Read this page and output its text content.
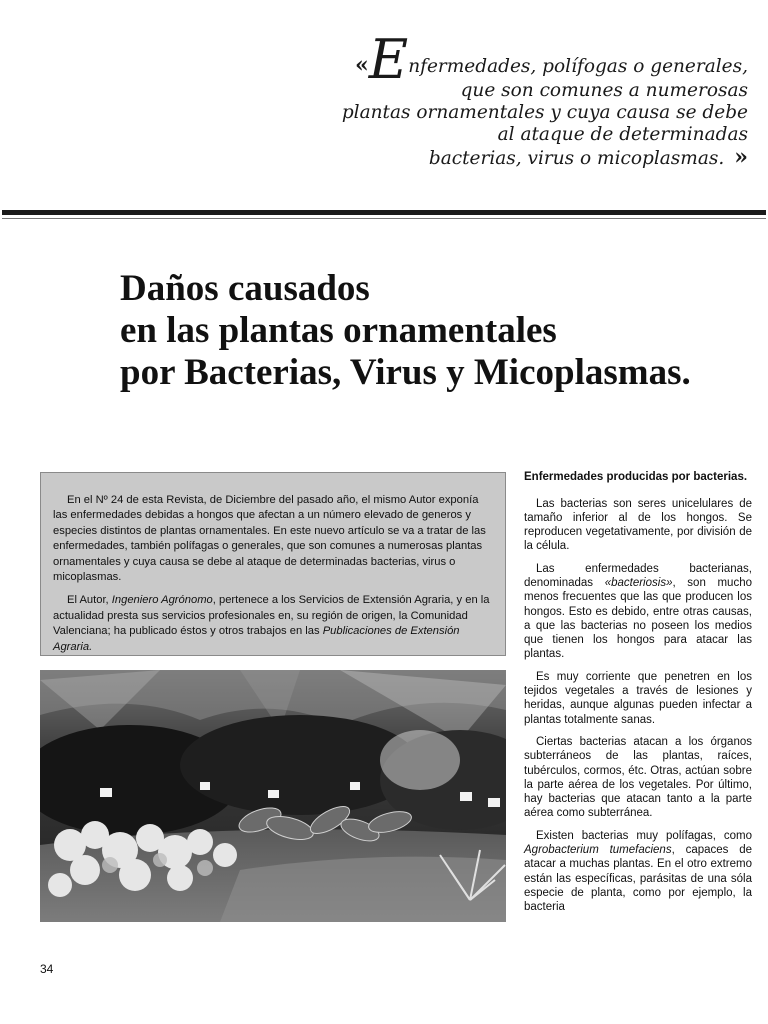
«Enfermedades, polífogas o generales,
que son comunes a numerosas
plantas ornamentales y cuya causa se debe
al ataque de determinadas
bacterias, virus o micoplasmas. »
Daños causados
en las plantas ornamentales
por Bacterias, Virus y Micoplasmas.

En el Nº 24 de esta Revista, de Diciembre del pasado año, el mismo Autor exponía las enfermedades debidas a hongos que afectan a un número elevado de generos y especies distintos de plantas ornamentales. En este nuevo artículo se va a tratar de las enfermedades, también polífagas o generales, que son comunes a numerosas plantas ornamentales y cuya causa se debe al ataque de determinadas bacterias, virus o micoplasmas.

El Autor, Ingeniero Agrónomo, pertenece a los Servicios de Extensión Agraria, y en la actualidad presta sus servicios profesionales en, su región de origen, la Comunidad Valenciana; ha publicado éstos y otros trabajos en las Publicaciones de Extensión Agraria.

Enfermedades producidas por bacterias.

Las bacterias son seres unicelulares de tamaño inferior al de los hongos. Se reproducen vegetativamente, por división de la célula.

Las enfermedades bacterianas, denominadas «bacteriosis», son mucho menos frecuentes que las que producen los hongos. Esto es debido, entre otras causas, a que las bacterias no poseen los medios que tienen los hongos para atacar las plantas.

Es muy corriente que penetren en los tejidos vegetales a través de lesiones y heridas, aunque algunas pueden infectar a plantas totalmente sanas.

Ciertas bacterias atacan a los órganos subterráneos de las plantas, raíces, tubérculos, cormos, étc. Otras, actúan sobre la parte aérea de los vegetales. Por último, hay bacterias que atacan tanto a la parte aérea como subterránea.

Existen bacterias muy polífagas, como Agrobacterium tumefaciens, capaces de atacar a muchas plantas. En el otro extremo están las específicas, parásitas de una sóla especie de planta, como por ejemplo, la bacteria

34
